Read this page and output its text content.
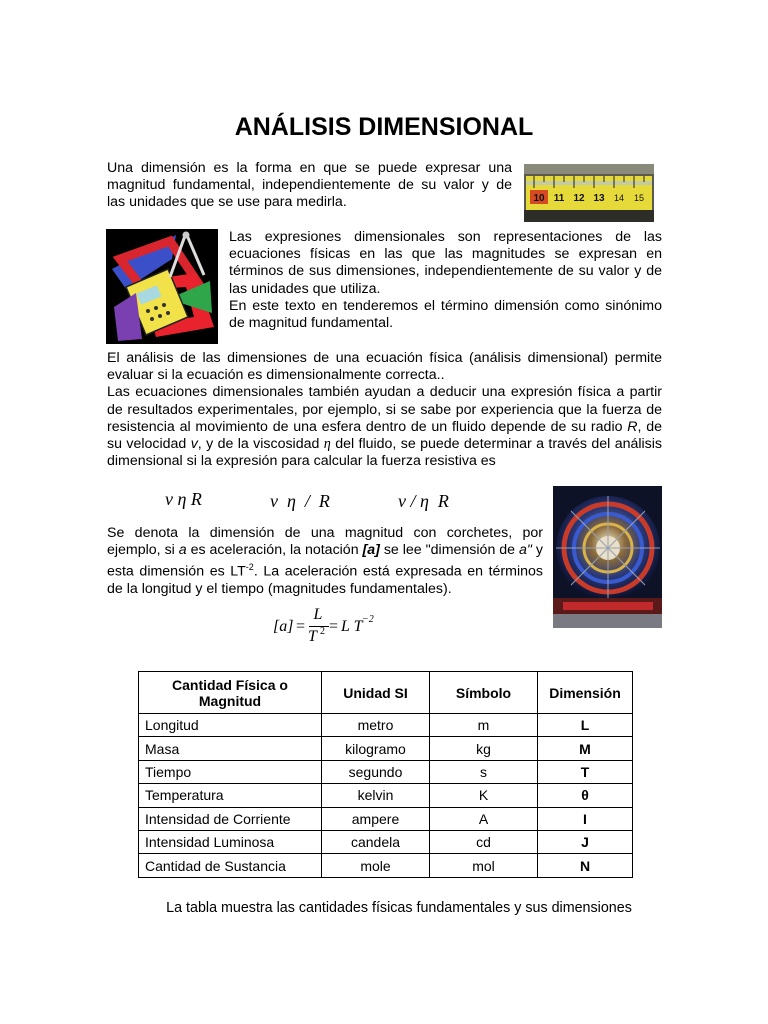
ANÁLISIS DIMENSIONAL

Una dimensión es la forma en que se puede expresar una

magnitud fundamental, independientemente de su valor y de

las unidades que se use para medirla.	10 11 12 13 14 15

Las expresiones dimensionales son representaciones de las ecuaciones físicas en las que las magnitudes se expresan en términos de sus dimensiones, independientemente de su valor y de las unidades que utiliza.

En este texto en tenderemos el término dimensión como sinónimo de magnitud fundamental.

El análisis de las dimensiones de una ecuación física (análisis dimensional) permite evaluar si la ecuación es dimensionalmente correcta..

Las ecuaciones dimensionales también ayudan a deducir una expresión física a partir de resultados experimentales, por ejemplo, si se sabe por experiencia que la fuerza de resistencia al movimiento de una esfera dentro de un fluido depende de su radio R, de su velocidad v, y de la viscosidad η del fluido, se puede determinar a través del análisis dimensional si la expresión para calcular la fuerza resistiva es

v η R	v  η  /  R	v / η  R

Se denota la dimensión de una magnitud con corchetes, por ejemplo, si a es aceleración, la notación [a] se lee "dimensión de a" y esta dimensión es $LT^{-2}$. La aceleración está expresada en términos de la longitud y el tiempo (magnitudes fundamentales).

[a] =
L
T 2 = L T −2
Cantidad Física o Magnitud	Unidad SI	Símbolo	Dimensión
Longitud	metro	m	L
Masa	kilogramo	kg	M
Tiempo	segundo	s	T
Temperatura	kelvin	K	θ
Intensidad de Corriente	ampere	A	I
Intensidad Luminosa	candela	cd	J
Cantidad de Sustancia	mole	mol	N
La tabla muestra las cantidades físicas fundamentales y sus dimensiones
